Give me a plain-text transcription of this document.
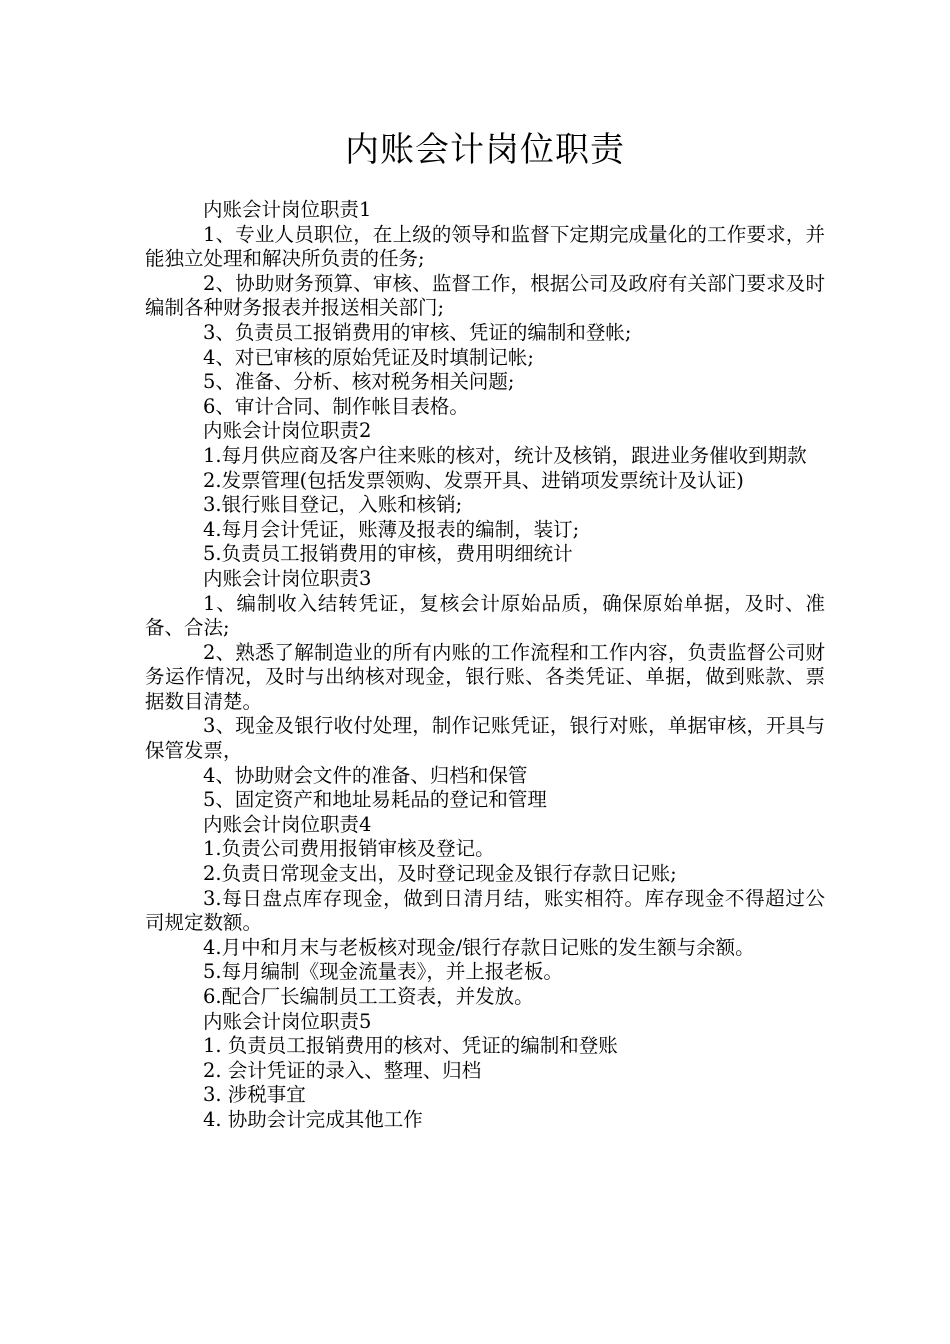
内账会计岗位职责

内账会计岗位职责1

1、专业人员职位，在上级的领导和监督下定期完成量化的工作要求，并能独立处理和解决所负责的任务;

2、协助财务预算、审核、监督工作，根据公司及政府有关部门要求及时编制各种财务报表并报送相关部门;

3、负责员工报销费用的审核、凭证的编制和登帐;

4、对已审核的原始凭证及时填制记帐;

5、准备、分析、核对税务相关问题;

6、审计合同、制作帐目表格。

内账会计岗位职责2

1.每月供应商及客户往来账的核对，统计及核销，跟进业务催收到期款

2.发票管理(包括发票领购、发票开具、进销项发票统计及认证)

3.银行账目登记，入账和核销;

4.每月会计凭证，账薄及报表的编制，装订;

5.负责员工报销费用的审核，费用明细统计

内账会计岗位职责3

1、编制收入结转凭证，复核会计原始品质，确保原始单据，及时、准备、合法;

2、熟悉了解制造业的所有内账的工作流程和工作内容，负责监督公司财务运作情况，及时与出纳核对现金，银行账、各类凭证、单据，做到账款、票据数目清楚。

3、现金及银行收付处理，制作记账凭证，银行对账，单据审核，开具与保管发票，

4、协助财会文件的准备、归档和保管

5、固定资产和地址易耗品的登记和管理

内账会计岗位职责4

1.负责公司费用报销审核及登记。

2.负责日常现金支出，及时登记现金及银行存款日记账;

3.每日盘点库存现金，做到日清月结，账实相符。库存现金不得超过公司规定数额。

4.月中和月末与老板核对现金/银行存款日记账的发生额与余额。

5.每月编制《现金流量表》，并上报老板。

6.配合厂长编制员工工资表，并发放。

内账会计岗位职责5

1. 负责员工报销费用的核对、凭证的编制和登账

2. 会计凭证的录入、整理、归档

3. 涉税事宜

4. 协助会计完成其他工作
